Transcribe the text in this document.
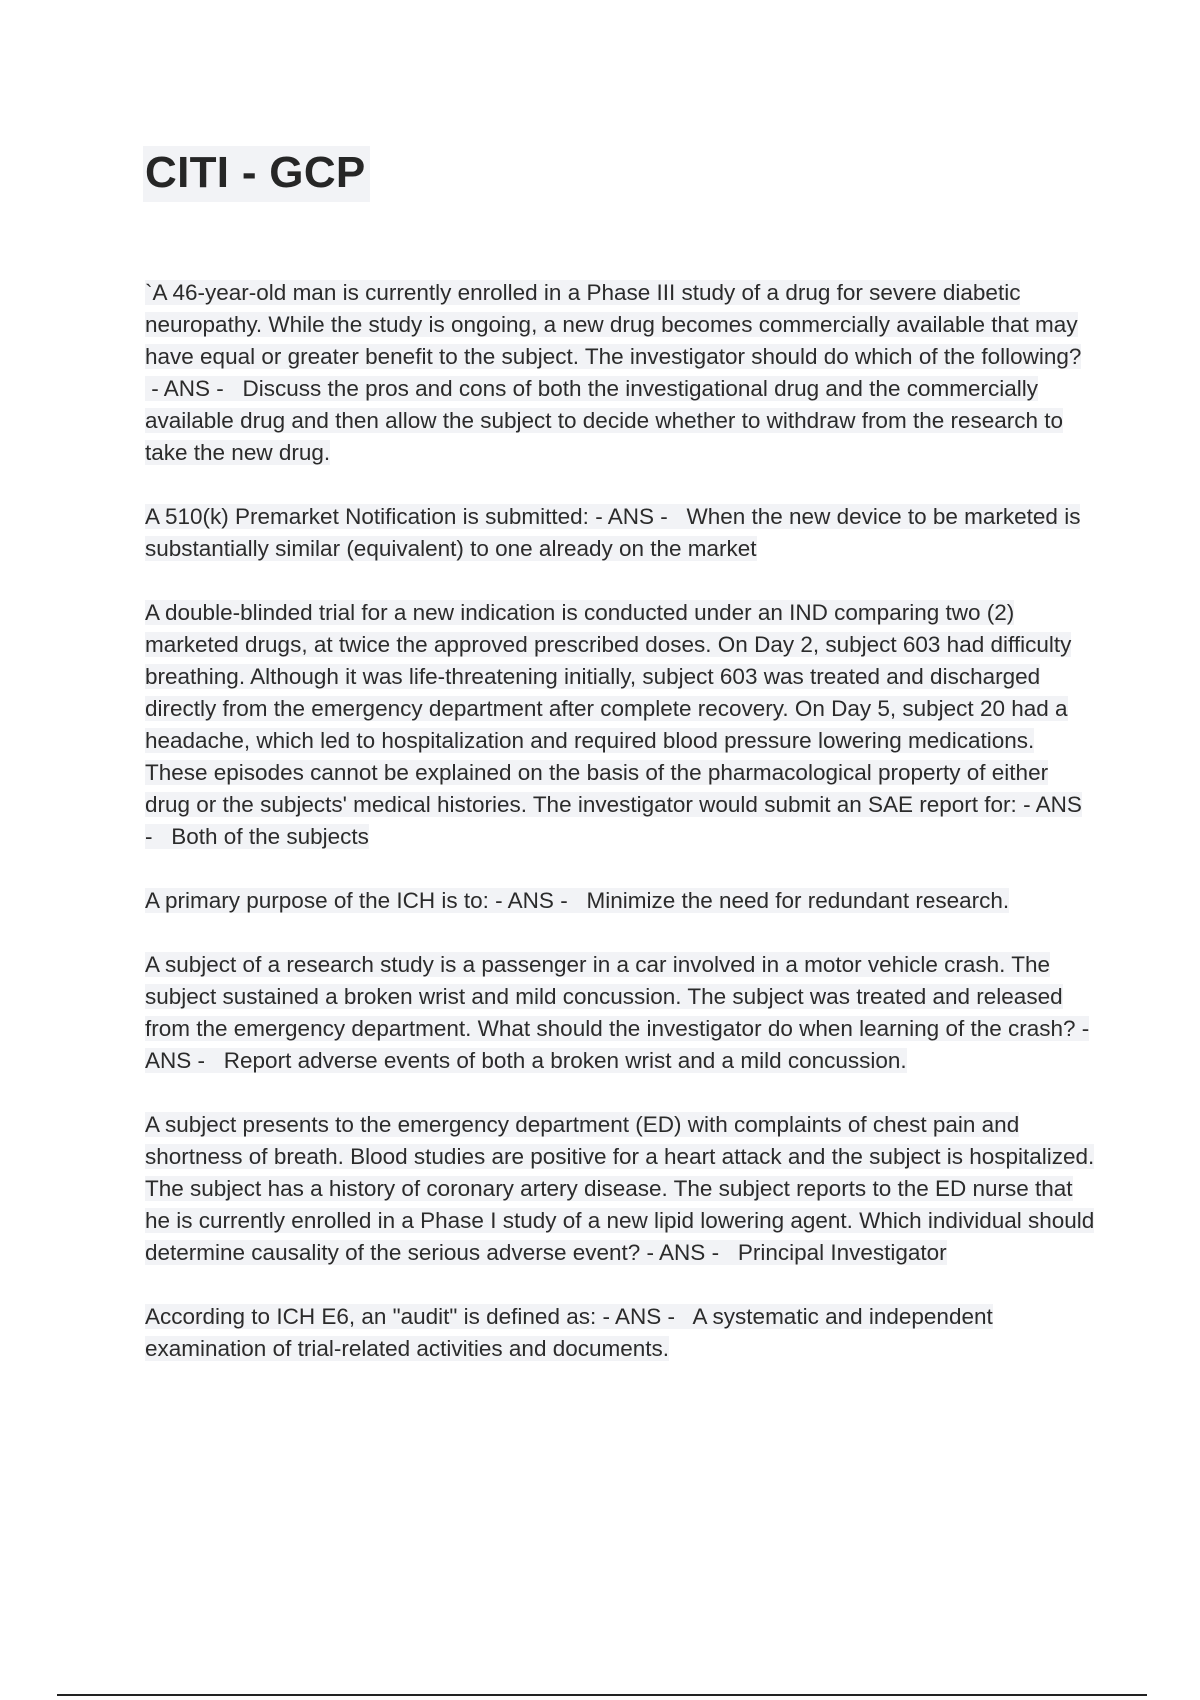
CITI - GCP

`A 46-year-old man is currently enrolled in a Phase III study of a drug for severe diabetic neuropathy. While the study is ongoing, a new drug becomes commercially available that may have equal or greater benefit to the subject. The investigator should do which of the following? - ANS - Discuss the pros and cons of both the investigational drug and the commercially available drug and then allow the subject to decide whether to withdraw from the research to take the new drug.

A 510(k) Premarket Notification is submitted: - ANS - When the new device to be marketed is substantially similar (equivalent) to one already on the market

A double-blinded trial for a new indication is conducted under an IND comparing two (2) marketed drugs, at twice the approved prescribed doses. On Day 2, subject 603 had difficulty breathing. Although it was life-threatening initially, subject 603 was treated and discharged directly from the emergency department after complete recovery. On Day 5, subject 20 had a headache, which led to hospitalization and required blood pressure lowering medications. These episodes cannot be explained on the basis of the pharmacological property of either drug or the subjects' medical histories. The investigator would submit an SAE report for: - ANS - Both of the subjects

A primary purpose of the ICH is to: - ANS - Minimize the need for redundant research.

A subject of a research study is a passenger in a car involved in a motor vehicle crash. The subject sustained a broken wrist and mild concussion. The subject was treated and released from the emergency department. What should the investigator do when learning of the crash? - ANS - Report adverse events of both a broken wrist and a mild concussion.

A subject presents to the emergency department (ED) with complaints of chest pain and shortness of breath. Blood studies are positive for a heart attack and the subject is hospitalized. The subject has a history of coronary artery disease. The subject reports to the ED nurse that he is currently enrolled in a Phase I study of a new lipid lowering agent. Which individual should determine causality of the serious adverse event? - ANS - Principal Investigator

According to ICH E6, an "audit" is defined as: - ANS - A systematic and independent examination of trial-related activities and documents.
